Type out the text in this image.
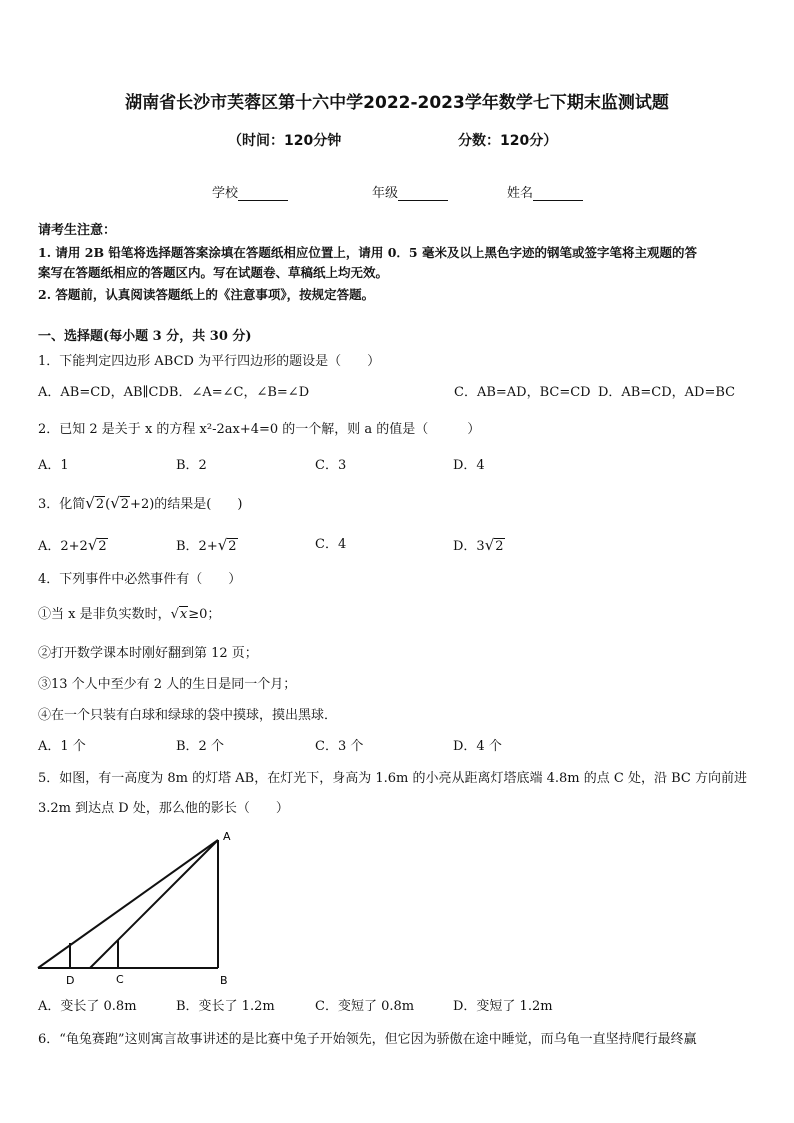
湖南省长沙市芙蓉区第十六中学2022-2023学年数学七下期末监测试题
（时间：120分钟	分数：120分）
学校	年级	姓名
请考生注意：
1. 请用 2B 铅笔将选择题答案涂填在答题纸相应位置上，请用 0．5 毫米及以上黑色字迹的钢笔或签字笔将主观题的答
案写在答题纸相应的答题区内。写在试题卷、草稿纸上均无效。
2. 答题前，认真阅读答题纸上的《注意事项》，按规定答题。
一、选择题(每小题 3 分，共 30 分)
1．下能判定四边形 ABCD 为平行四边形的题设是（　　）
A．AB=CD，AB∥CDB．∠A=∠C，∠B=∠D	C．AB=AD，BC=CD D．AB=CD，AD=BC
2．已知 2 是关于 x 的方程 x²-2ax+4=0 的一个解，则 a 的值是（　　　）
A．1	B．2	C．3	D．4
3．化简√2(√2+2)的结果是(　　)
A．2+2√2	B．2+√2	C．4	D．3√2
4．下列事件中必然事件有（　　）
①当 x 是非负实数时，√x≥0；
②打开数学课本时刚好翻到第 12 页；
③13 个人中至少有 2 人的生日是同一个月；
④在一个只装有白球和绿球的袋中摸球，摸出黑球．
A．1 个	B．2 个	C．3 个	D．4 个
5．如图，有一高度为 8m 的灯塔 AB，在灯光下，身高为 1.6m 的小亮从距离灯塔底端 4.8m 的点 C 处，沿 BC 方向前进
3.2m 到达点 D 处，那么他的影长（　　）
A
B
C
D
A．变长了 0.8m	B．变长了 1.2m	C．变短了 0.8m	D．变短了 1.2m
6．“龟兔赛跑”这则寓言故事讲述的是比赛中兔子开始领先，但它因为骄傲在途中睡觉，而乌龟一直坚持爬行最终赢
